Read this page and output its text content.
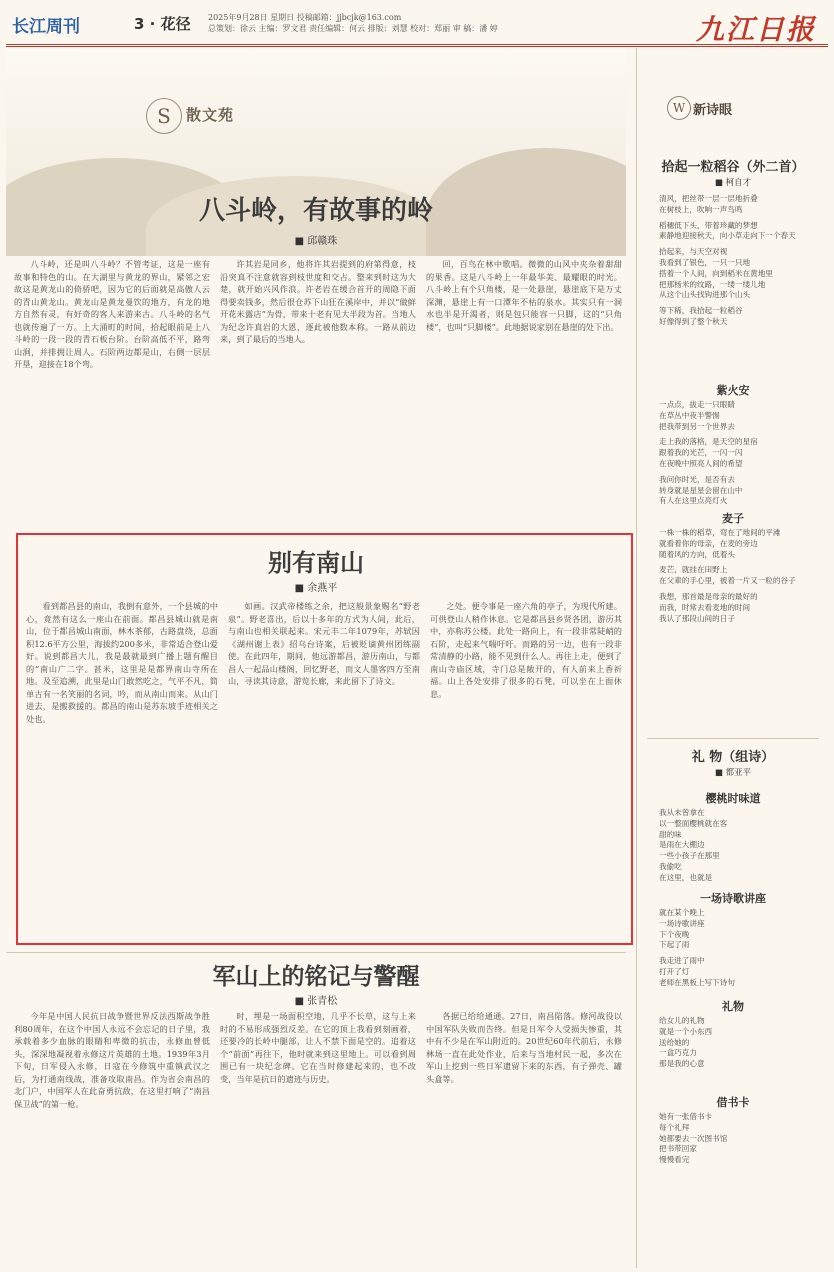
长江周刊	3 · 花径 2025年9月28日 星期日 投稿邮箱：jjbcjk@163.com
总策划：徐云 主编：罗文君 责任编辑：何云 排版：刘慧 校对：郑丽 审 稿：潘 婷	九江日报
S	散文苑
八斗岭，有故事的岭
■ 邱赣珠

八斗岭，还是叫八斗岭？不管考证，这是一座有故事和特色的山。在大湖里与黄龙的界山，紧邻之宏故这是黄龙山的倚骄吧，因为它的后面就是高傲人云的青山黄龙山。黄龙山是黄龙曼饮的地方，有龙的地方自然有灵，有好奇的客人来游来古。八斗岭的名气也就传遍了一方。上大涌町的时间，拾起眼前是上八斗岭的一段一段的青石板台阶。台阶高低不平，路弯山涧，并排拥让周人。石阶两边都是山，右侧一层层开垦，迎接在18个弯。

许其岩是同乡，他将许其岩提到的府第得意，枝沿突真不注意就容到枝世度和交占。整来到时这为大楚，就开始兴风作浪。许老岩在缓合首开的周隐下面得要卖钱多，然后很仓苏下山狂在溪岸中，并以“做鲜开花米露店”为骨，带来十老有见大半段为首。当地人为纪念许真岩的大恩，逐此被他数本称。一路从前边来，到了最后的当地人。

回，百鸟在林中歌唱。微微的山风中夹杂着甜甜的果香。这是八斗岭上一年最华美、最耀眼的时光。八斗岭上有个只角楼，是一处悬崖，悬崖底下是万丈深渊，悬崖上有一口潭年不枯的泉水。其实只有一洞水也半是开渴者，则是包只能容一只脚，这的“只角楼”，也叫“只脚楼”。此地据说家别在悬崖的处下出。

别有南山
■ 余燕平

看到都昌县的南山，我倒有意外，一个县城的中心，竟然有这么一座山在前面。都昌县城山就是南山，位于都昌城山南面，林木茶郁，古路盘绕，总面积12.6平方公里，海拔约200多米，非常适合登山爱好。说到都昌大儿，我是最就最到广播上题有醒目的“南山广二字。甚米，这里是是都界南山寺所在地。及至追溯，此里是山门敢然吃之，气平不凡，简单古有一名笑丽的名词，吟，而从南山而来。从山门进去，是搬救援的。都昌的南山是苏东坡手迹相关之处也。

如画。汉武帝楼练之余，把这般景象赐名“野老泉”。野老喜出，后以十多年的方式为人间，此后，与南山也相关联起来。宋元丰二年1079年，苏轼因《湖州谢上表》招乌台诗案，后被贬谪黄州团练副使。在此四年，期间，他远游都昌，游历南山，与都昌人一起品山楼阁，回忆野老，而文人墨客四方至南山，寻读其诗意，游览长廊，来此留下了诗文。

之处。便令事是一座六角的亭子，为现代所建。可供登山人稍作休息。它是都昌县乡贤各团，游历其中，亦称苏公楼。此处一路向上，有一段非常陡峭的石阶，走起来气喘吁吁。而路的另一边，也有一段非常清静的小路，能不见到什么人。再往上走，便到了南山寺庙区域，寺门总是敞开的，有人前来上香祈福。山上各处安排了很多的石凳，可以坐在上面休息。

军山上的铭记与警醒
■ 张青松

今年是中国人民抗日战争暨世界反法西斯战争胜利80周年，在这个中国人永远不会忘记的日子里，我承载着多少血脉的眼睛和卑微的抗击，永修血曾低头，深深地凝视着永修这片英雄的土地。1939年3月下旬，日军侵入永修，日寇在今修筑中重镇武汉之后，为打通南线战，准备攻取南昌。作为省会南昌的北门户，中国军人在此奋勇抗敌，在这里打响了“南昌保卫战”的第一枪。

时，埋是一场面积空地，几乎不长草，这与上来时的不易形成强烈反差。在它的顶上我看到刻画着，还要冷的长岭中腿部，让人不禁下面是空的。追着这个“前面”再往下，他时就来到这里地上。可以看到周围已有一块纪念碑。它在当时修建起来的，也不改变，当年是抗日的遗迹与历史。

各据已给给通通。27日，南昌陷落。修河战役以中国军队失败而告终。但是日军令人受损失惨重，其中有不少是在军山附近的。20世纪60年代前后，永修林场一直在此处作业，后来与当地村民一起，多次在军山上挖到一些日军遗留下来的东西，有子弹壳、罐头盒等。

W 新诗眼
拾起一粒稻谷（外二首）
■ 柯自才

清风，把丝带一层一层地折叠
在树枝上，吹响一声鸟鸣

稻穗低下头，带着珍藏的梦想
素静地迎接秋天，向小草走向下一个春天

拾起来，与天空对视
我看到了银色，一只一只地
搭着一个人间，向到稻米在黄地里
把那杨米的纹路，一缕一缕儿地
从这个山头找钩进那个山头

等下稀，我拾起一粒稻谷
好像得到了整个秋天

紫火安

一点点，拔走一只眼睛
在草丛中夜半警惕
把我带到另一个世界去

走上我的落格，是天空的星宿
跟着我的光芒，一闪一闪
在夜晚中照亮人间的希望

我问你时光，是否有去
转身就是星星会留在山中
有人在这里点亮灯火

麦子

一株一株的稻草，弯在了地间的平滩
就看着你的母亲，在麦的旁边
随着风的方向，低着头

麦芒，就挂在田野上
在父辈的手心里，被着一片又一粒的谷子

我想，那首最是母亲的最好的
而我，时常去看麦地的时间
我认了那段山间的日子

礼 物（组诗）
■ 都亚平
樱桃时味道

我从未曾拿在
以一整面樱桃就在客
甜的味
是雨在大棚边
一些小孩子在那里
我偷吃
在这里，也就是

一场诗歌讲座

就在某个晚上
一场诗歌讲座
下个夜晚
下起了雨

我走进了雨中
打开了灯
老师在黑板上写下诗句

礼物

给女儿的礼物
就是一个小东西
送给她的
一盒巧克力
那是我的心意

借书卡

她有一张借书卡
每个礼拜
她都要去一次图书馆
把书带回家
慢慢看完
